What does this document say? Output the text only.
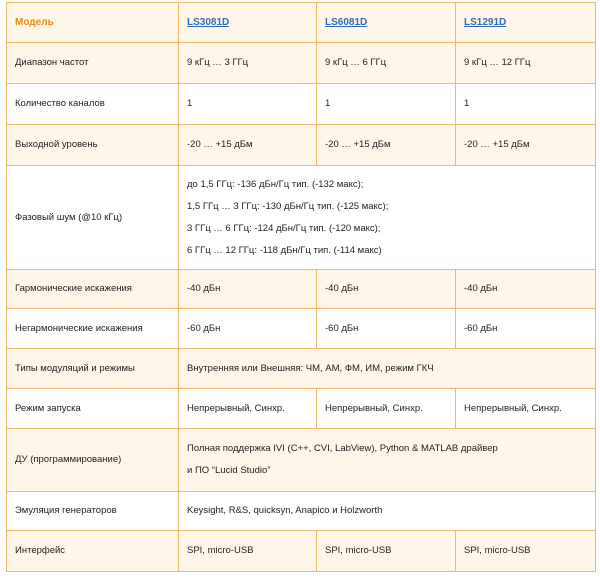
Модель	LS3081D	LS6081D	LS1291D
Диапазон частот	9 кГц … 3 ГГц	9 кГц … 6 ГГц	9 кГц … 12 ГГц
Количество каналов	1	1	1
Выходной уровень	-20 … +15 дБм	-20 … +15 дБм	-20 … +15 дБм
Фазовый шум (@10 кГц)	до 1,5 ГГц: -136 дБн/Гц тип. (-132 макс);
1,5 ГГц … 3 ГГц: -130 дБн/Гц тип. (-125 макс);
3 ГГц … 6 ГГц: -124 дБн/Гц тип. (-120 макс);
6 ГГц … 12 ГГц: -118 дБн/Гц тип. (-114 макс)		

Гармонические искажения	-40 дБн	-40 дБн	-40 дБн
Негармонические искажения	-60 дБн	-60 дБн	-60 дБн
Типы модуляций и режимы	Внутренняя или Внешняя: ЧМ, АМ, ФМ, ИМ, режим ГКЧ		
Режим запуска	Непрерывный, Синхр.	Непрерывный, Синхр.	Непрерывный, Синхр.
ДУ (программирование)	Полная поддержка IVI (C++, CVI, LabView), Python & MATLAB драйвер
и ПО “Lucid Studio”		

Эмуляция генераторов	Keysight, R&S, quicksyn, Anapico и Holzworth		
Интерфейс	SPI, micro-USB	SPI, micro-USB	SPI, micro-USB
